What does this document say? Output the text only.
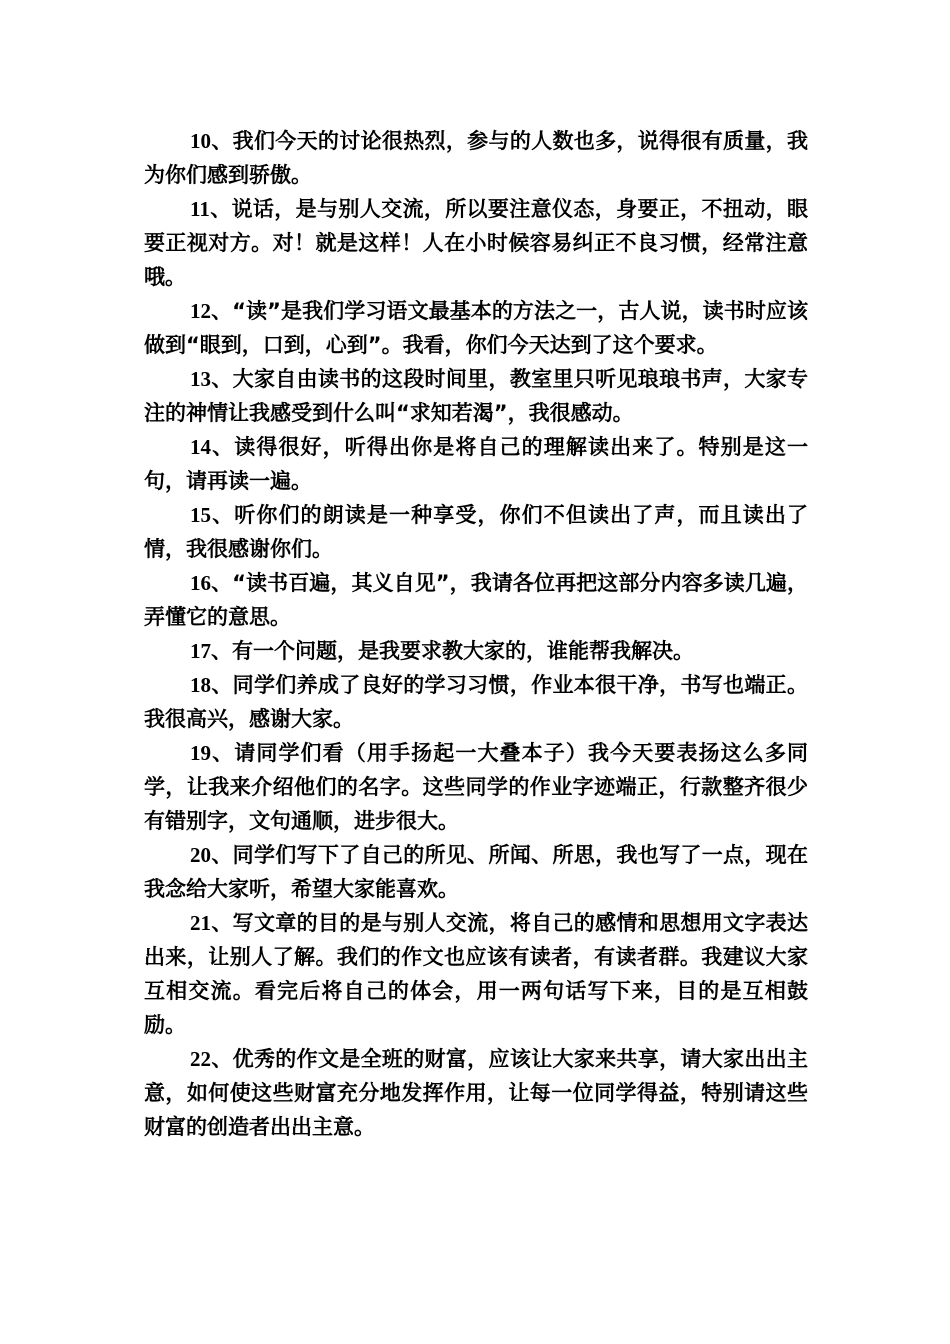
10、我们今天的讨论很热烈，参与的人数也多，说得很有质量，我为你们感到骄傲。

11、说话，是与别人交流，所以要注意仪态，身要正，不扭动，眼要正视对方。对！就是这样！人在小时候容易纠正不良习惯，经常注意哦。

12、“读”是我们学习语文最基本的方法之一，古人说，读书时应该做到“眼到，口到，心到”。我看，你们今天达到了这个要求。

13、大家自由读书的这段时间里，教室里只听见琅琅书声，大家专注的神情让我感受到什么叫“求知若渴”，我很感动。

14、读得很好，听得出你是将自己的理解读出来了。特别是这一句，请再读一遍。

15、听你们的朗读是一种享受，你们不但读出了声，而且读出了情，我很感谢你们。

16、“读书百遍，其义自见”，我请各位再把这部分内容多读几遍，弄懂它的意思。

17、有一个问题，是我要求教大家的，谁能帮我解决。

18、同学们养成了良好的学习习惯，作业本很干净，书写也端正。我很高兴，感谢大家。

19、请同学们看（用手扬起一大叠本子）我今天要表扬这么多同学，让我来介绍他们的名字。这些同学的作业字迹端正，行款整齐很少有错别字，文句通顺，进步很大。

20、同学们写下了自己的所见、所闻、所思，我也写了一点，现在我念给大家听，希望大家能喜欢。

21、写文章的目的是与别人交流，将自己的感情和思想用文字表达出来，让别人了解。我们的作文也应该有读者，有读者群。我建议大家互相交流。看完后将自己的体会，用一两句话写下来，目的是互相鼓励。

22、优秀的作文是全班的财富，应该让大家来共享，请大家出出主意，如何使这些财富充分地发挥作用，让每一位同学得益，特别请这些财富的创造者出出主意。
